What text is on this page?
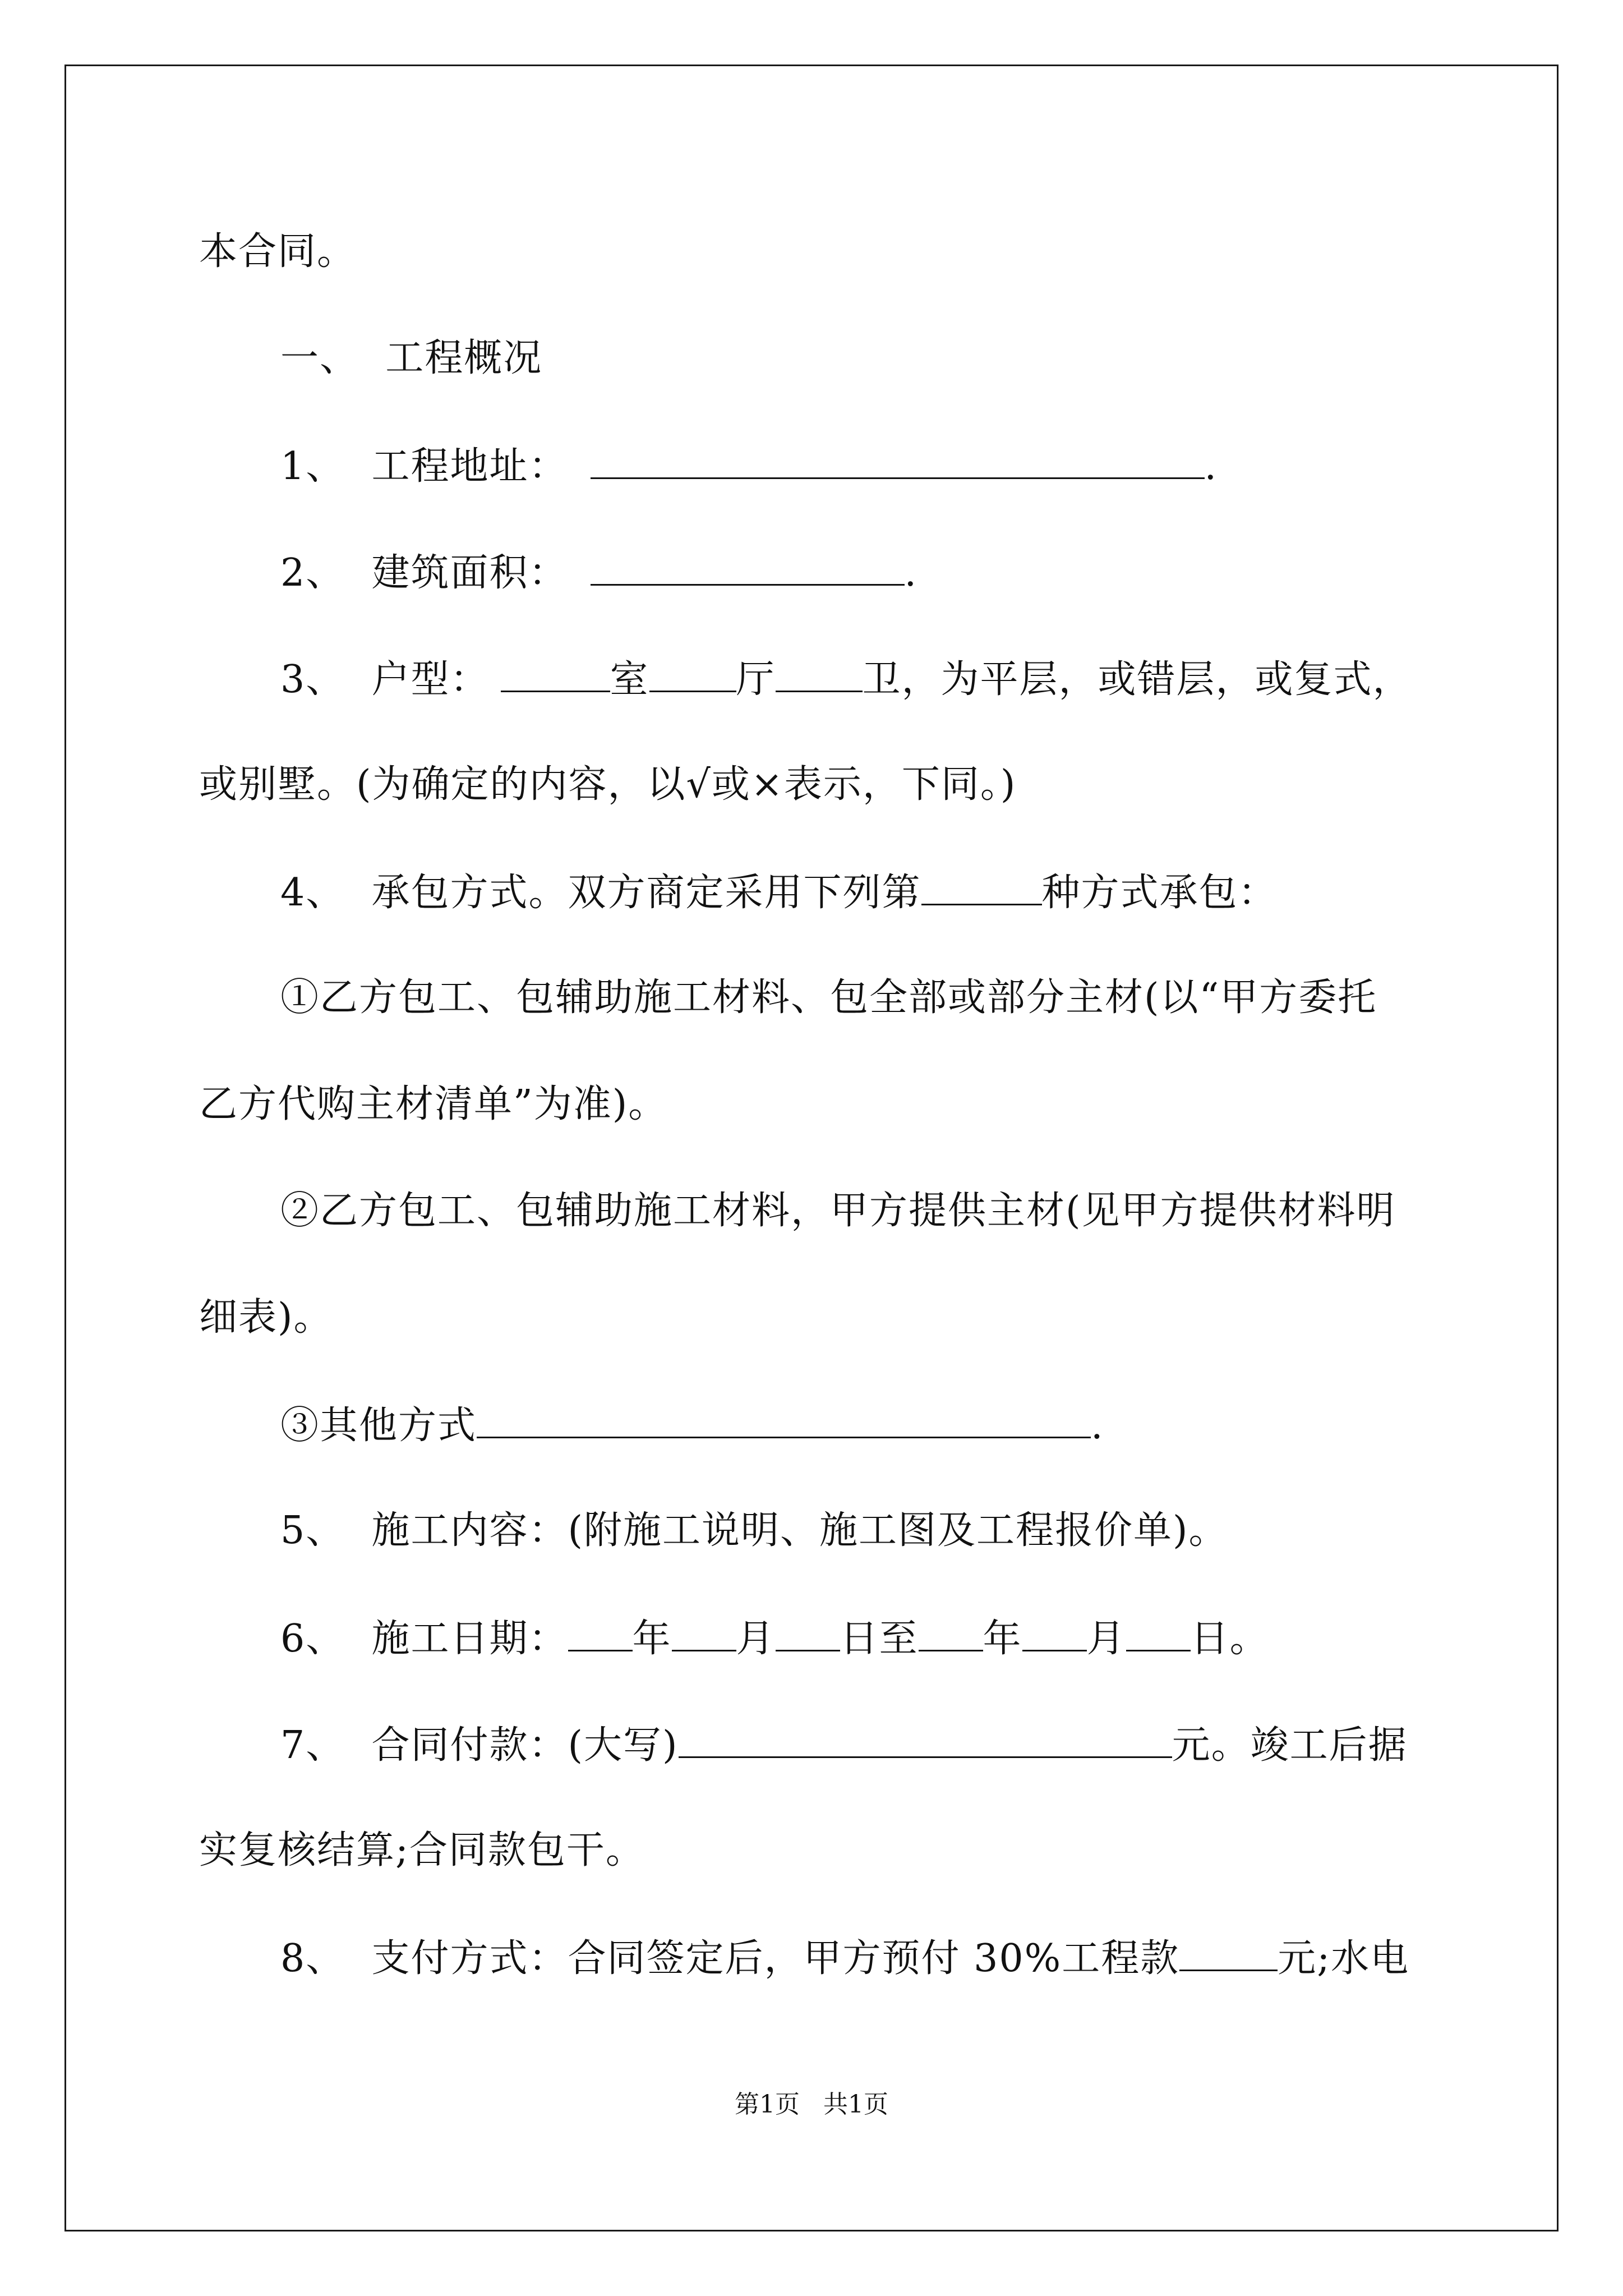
本合同。

一、  工程概况

1、  工程地址：	.

2、  建筑面积：	.

3、  户型：	室 厅 卫，为平层，或错层，或复式，

或别墅。(为确定的内容，以√或×表示，下同。)

4、  承包方式。双方商定采用下列第	种方式承包：

①乙方包工、包辅助施工材料、包全部或部分主材(以“甲方委托

乙方代购主材清单”为准)。

②乙方包工、包辅助施工材料，甲方提供主材(见甲方提供材料明

细表)。

③其他方式	.

5、  施工内容：(附施工说明、施工图及工程报价单)。

6、  施工日期： 年 月 日至 年 月 日。

7、  合同付款：(大写)	元。竣工后据

实复核结算;合同款包干。

8、  支付方式：合同签定后，甲方预付 30%工程款	元;水电

第1页   共1页
